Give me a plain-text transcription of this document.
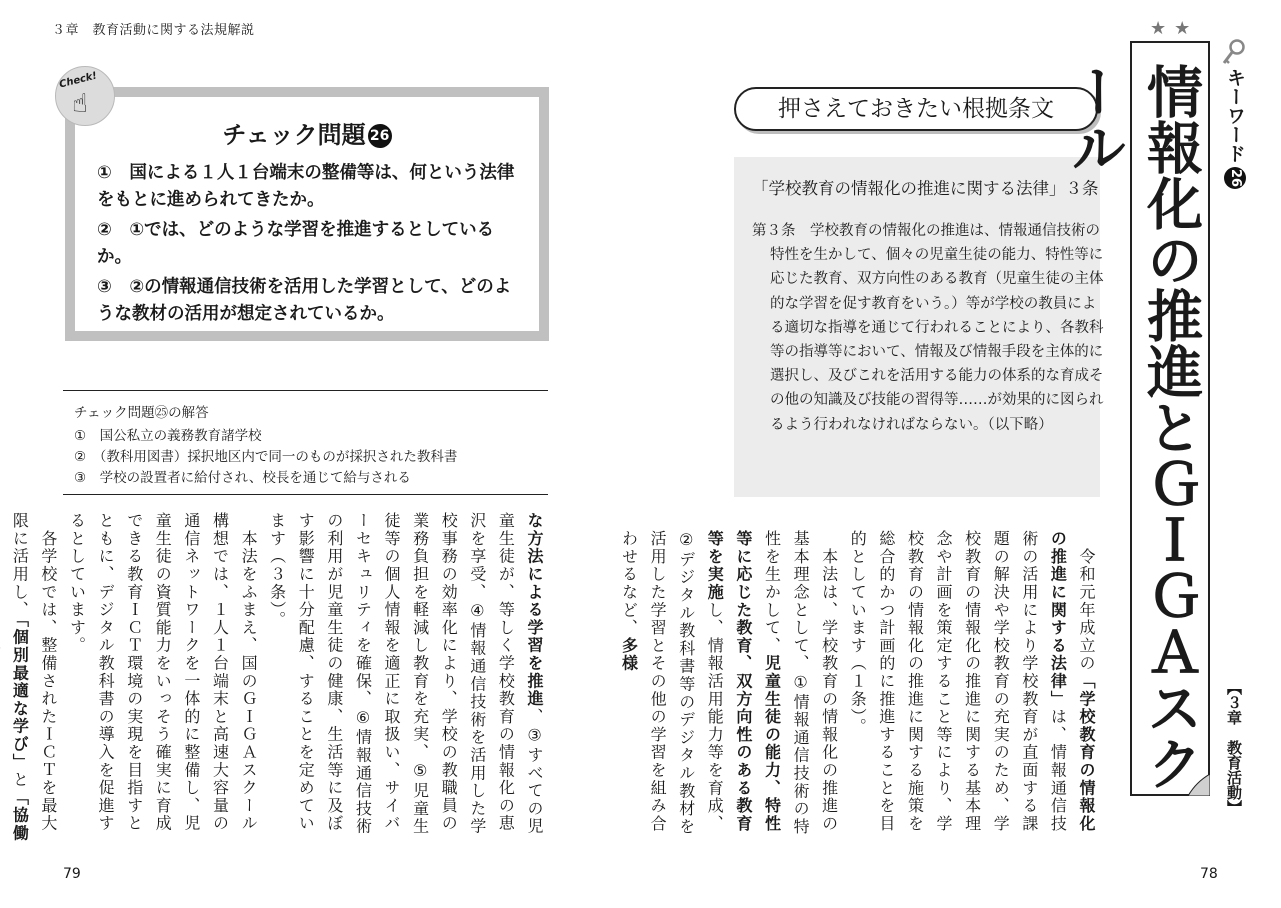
３章　教育活動に関する法規解説
チェック問題 26
①　国による１人１台端末の整備等は、何という法律をもとに進められてきたか。
②　①では、どのような学習を推進するとしているか。
③　②の情報通信技術を活用した学習として、どのような教材の活用が想定されているか。
Check!
☝
チェック問題㉕の解答
①　国公私立の義務教育諸学校
②　（教科用図書）採択地区内で同一のものが採択された教科書
③　学校の設置者に給付され、校長を通じて給与される
な方法による学習を推進、③すべての児童生徒が、等しく学校教育の情報化の恵沢を享受、④情報通信技術を活用した学校事務の効率化により、学校の教職員の業務負担を軽減し教育を充実、⑤児童生徒等の個人情報を適正に取扱い、サイバーセキュリティを確保、⑥情報通信技術の利用が児童生徒の健康、生活等に及ぼす影響に十分配慮、することを定めています（３条）。
　本法をふまえ、国のＧＩＧＡスクール構想では、１人１台端末と高速大容量の通信ネットワークを一体的に整備し、児童生徒の資質能力をいっそう確実に育成できる教育ＩＣＴ環境の実現を目指すとともに、デジタル教科書の導入を促進するとしています。
　各学校では、整備されたＩＣＴを最大限に活用し、「個別最適な学び」と「協働
79
押さえておきたい根拠条文
「学校教育の情報化の推進に関する法律」３条
第３条　学校教育の情報化の推進は、情報通信技術の特性を生かして、個々の児童生徒の能力、特性等に応じた教育、双方向性のある教育（児童生徒の主体的な学習を促す教育をいう。）等が学校の教員による適切な指導を通じて行われることにより、各教科等の指導等において、情報及び情報手段を主体的に選択し、及びこれを活用する能力の体系的な育成その他の知識及び技能の習得等……が効果的に図られるよう行われなければならない。（以下略）
　令和元年成立の「学校教育の情報化の推進に関する法律」は、情報通信技術の活用により学校教育が直面する課題の解決や学校教育の充実のため、学校教育の情報化の推進に関する基本理念や計画を策定すること等により、学校教育の情報化の推進に関する施策を総合的かつ計画的に推進することを目的としています（１条）。
　本法は、学校教育の情報化の推進の基本理念として、①情報通信技術の特性を生かして、児童生徒の能力、特性等に応じた教育、双方向性のある教育等を実施し、情報活用能力等を育成、②デジタル教科書等のデジタル教材を活用した学習とその他の学習を組み合わせるなど、多様
★★
情報化の推進とＧＩＧＡスクール	キーワード26
【３章　教育活動】
78
